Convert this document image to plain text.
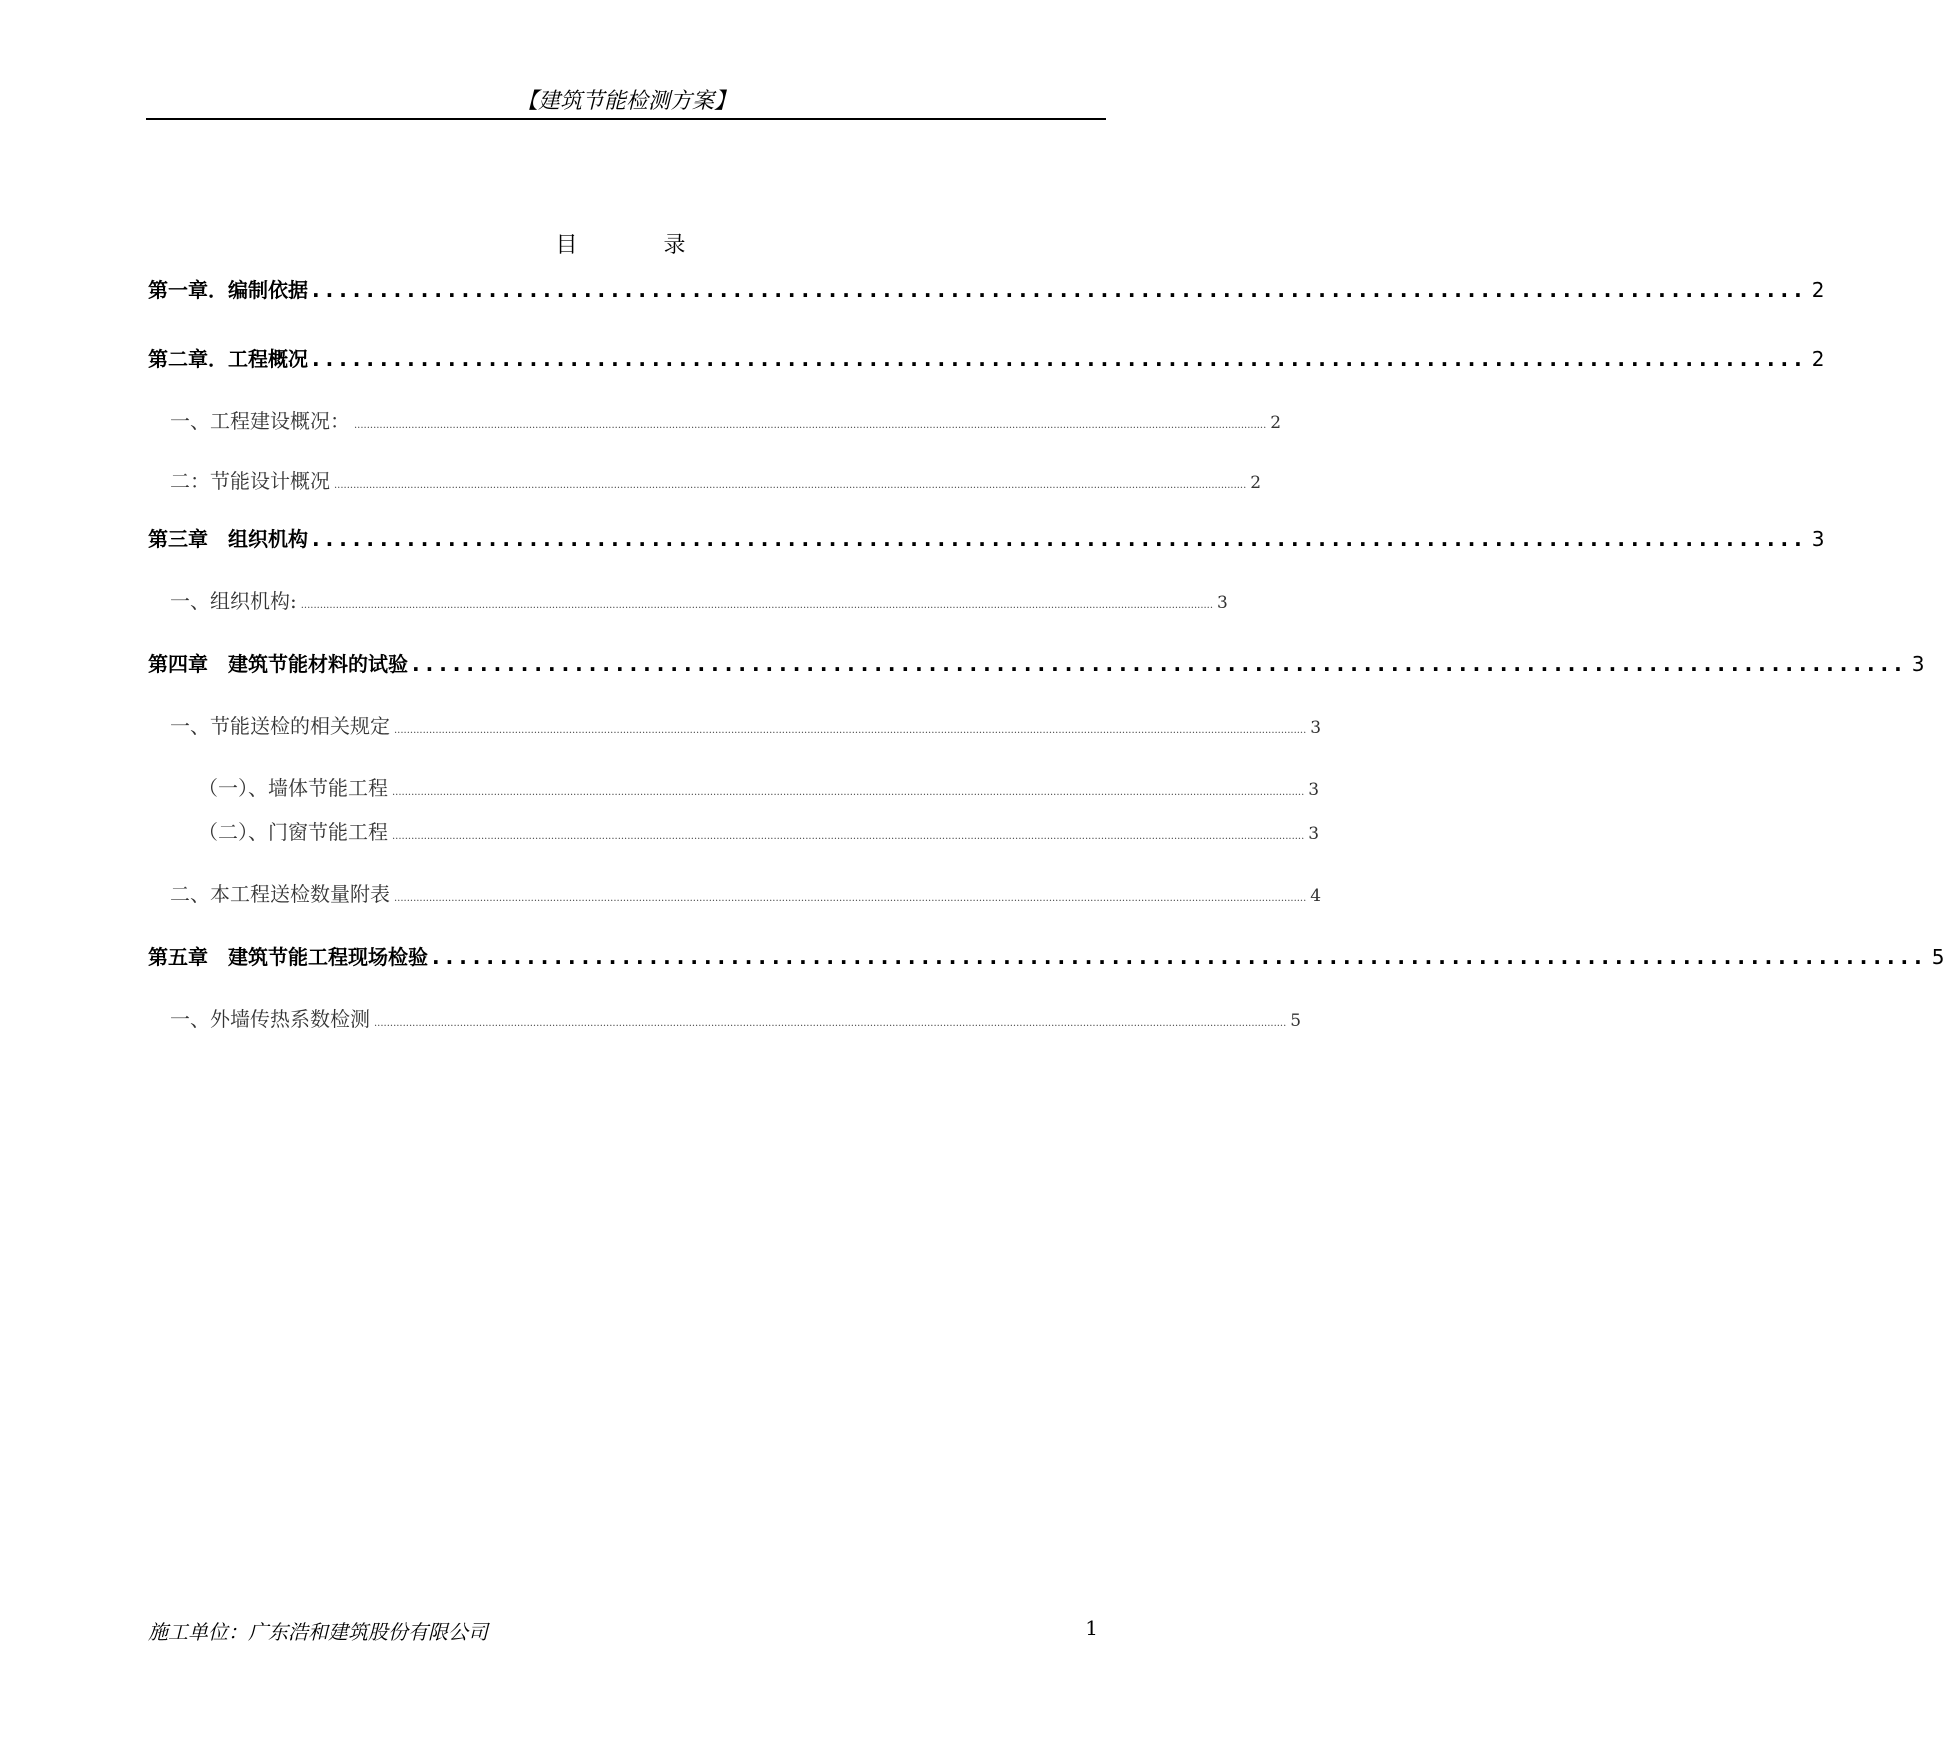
【建筑节能检测方案】
目	录
第一章．编制依据 .............................................................................................................. 2
第二章．工程概况 .............................................................................................................. 2
一、工程建设概况： ............................................................................................................................................................................................................................................................................................... 2
二：节能设计概况 ............................................................................................................................................................................................................................................................................................... 2
第三章　组织机构 .............................................................................................................. 3
一、组织机构: ............................................................................................................................................................................................................................................................................................... 3
第四章　建筑节能材料的试验 .............................................................................................................. 3
一、节能送检的相关规定 ............................................................................................................................................................................................................................................................................................... 3
（一）、墙体节能工程 ............................................................................................................................................................................................................................................................................................... 3
（二）、门窗节能工程 ............................................................................................................................................................................................................................................................................................... 3
二、本工程送检数量附表 ............................................................................................................................................................................................................................................................................................... 4
第五章　建筑节能工程现场检验 .............................................................................................................. 5
一、外墙传热系数检测 ............................................................................................................................................................................................................................................................................................... 5
施工单位：广东浩和建筑股份有限公司	1
